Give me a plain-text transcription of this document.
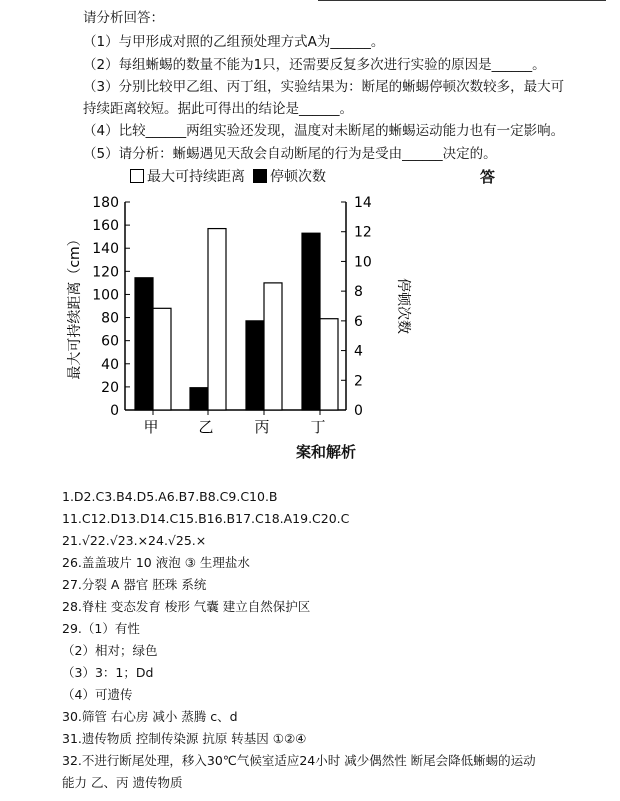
请分析回答：
（1）与甲形成对照的乙组预处理方式A为______。
（2）每组蜥蜴的数量不能为1只，还需要反复多次进行实验的原因是______。
（3）分别比较甲乙组、丙丁组，实验结果为：断尾的蜥蜴停顿次数较多，最大可
持续距离较短。据此可得出的结论是______。
（4）比较______两组实验还发现，温度对未断尾的蜥蜴运动能力也有一定影响。
（5）请分析：蜥蜴遇见天敌会自动断尾的行为是受由______决定的。
最大可持续距离 停顿次数	答
0
20
40
60
80
100
120
140
160
180
0
2
4
6
8
10
12
14
最大可持续距离（cm）	停顿次数
甲	乙	丙	丁
案和解析
1.D2.C3.B4.D5.A6.B7.B8.C9.C10.B
11.C12.D13.D14.C15.B16.B17.C18.A19.C20.C
21.√22.√23.×24.√25.×
26.盖盖玻片 10 液泡 ③ 生理盐水
27.分裂 A 器官 胚珠 系统
28.脊柱 变态发育 梭形 气囊 建立自然保护区
29.（1）有性
（2）相对；绿色
（3）3：1；Dd
（4）可遗传
30.筛管 右心房 减小 蒸腾 c、d
31.遗传物质 控制传染源 抗原 转基因 ①②④
32.不进行断尾处理，移入30℃气候室适应24小时 减少偶然性 断尾会降低蜥蜴的运动
能力 乙、丙 遗传物质
